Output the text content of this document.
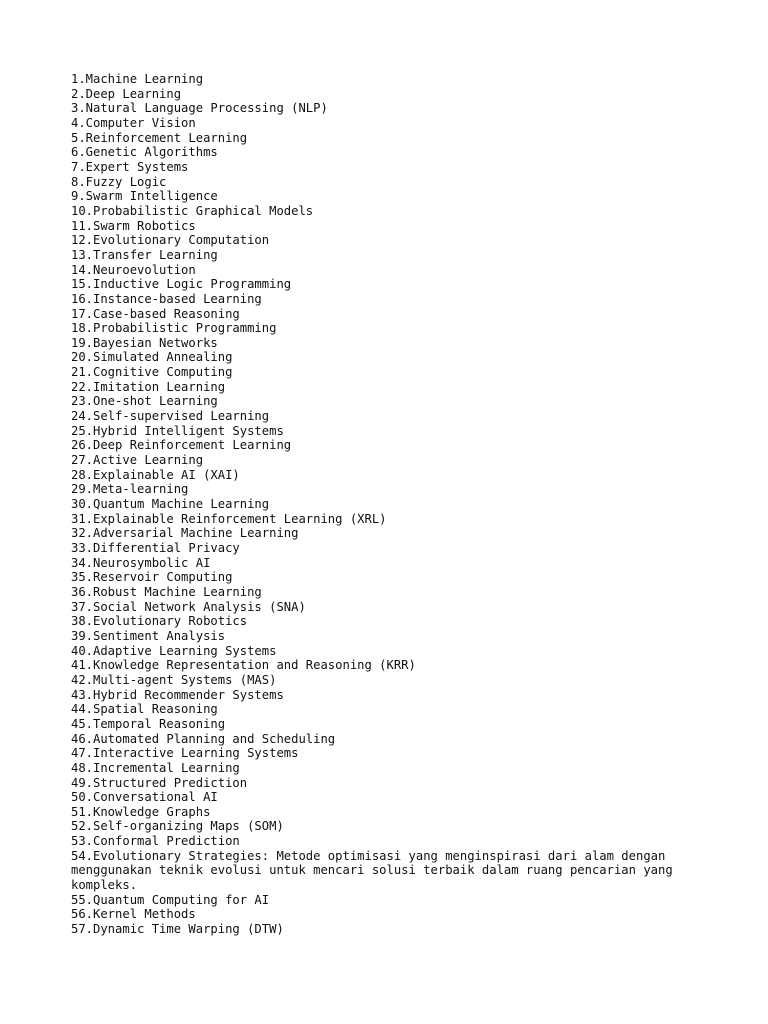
1.Machine Learning
2.Deep Learning
3.Natural Language Processing (NLP)
4.Computer Vision
5.Reinforcement Learning
6.Genetic Algorithms
7.Expert Systems
8.Fuzzy Logic
9.Swarm Intelligence
10.Probabilistic Graphical Models
11.Swarm Robotics
12.Evolutionary Computation
13.Transfer Learning
14.Neuroevolution
15.Inductive Logic Programming
16.Instance-based Learning
17.Case-based Reasoning
18.Probabilistic Programming
19.Bayesian Networks
20.Simulated Annealing
21.Cognitive Computing
22.Imitation Learning
23.One-shot Learning
24.Self-supervised Learning
25.Hybrid Intelligent Systems
26.Deep Reinforcement Learning
27.Active Learning
28.Explainable AI (XAI)
29.Meta-learning
30.Quantum Machine Learning
31.Explainable Reinforcement Learning (XRL)
32.Adversarial Machine Learning
33.Differential Privacy
34.Neurosymbolic AI
35.Reservoir Computing
36.Robust Machine Learning
37.Social Network Analysis (SNA)
38.Evolutionary Robotics
39.Sentiment Analysis
40.Adaptive Learning Systems
41.Knowledge Representation and Reasoning (KRR)
42.Multi-agent Systems (MAS)
43.Hybrid Recommender Systems
44.Spatial Reasoning
45.Temporal Reasoning
46.Automated Planning and Scheduling
47.Interactive Learning Systems
48.Incremental Learning
49.Structured Prediction
50.Conversational AI
51.Knowledge Graphs
52.Self-organizing Maps (SOM)
53.Conformal Prediction
54.Evolutionary Strategies: Metode optimisasi yang menginspirasi dari alam dengan menggunakan teknik evolusi untuk mencari solusi terbaik dalam ruang pencarian yang kompleks.
55.Quantum Computing for AI
56.Kernel Methods
57.Dynamic Time Warping (DTW)
